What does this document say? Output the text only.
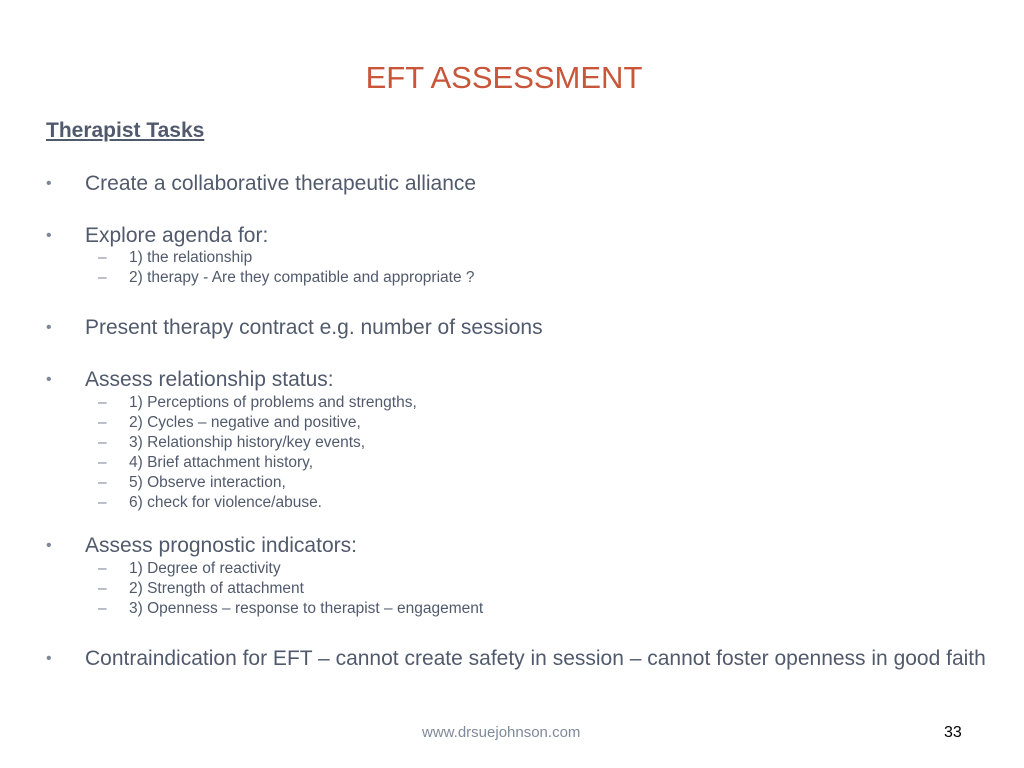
EFT ASSESSMENT
Therapist Tasks
• Create a collaborative therapeutic alliance
• Explore agenda for:
– 1) the relationship
– 2) therapy - Are they compatible and appropriate ?
• Present therapy contract e.g. number of sessions
• Assess relationship status:
– 1) Perceptions of problems and strengths,
– 2) Cycles – negative and positive,
– 3) Relationship history/key events,
– 4) Brief attachment history,
– 5) Observe interaction,
– 6) check for violence/abuse.
• Assess prognostic indicators:
– 1) Degree of reactivity
– 2) Strength of attachment
– 3) Openness – response to therapist – engagement
• Contraindication for EFT – cannot create safety in session – cannot foster openness in good faith
www.drsuejohnson.com	33
